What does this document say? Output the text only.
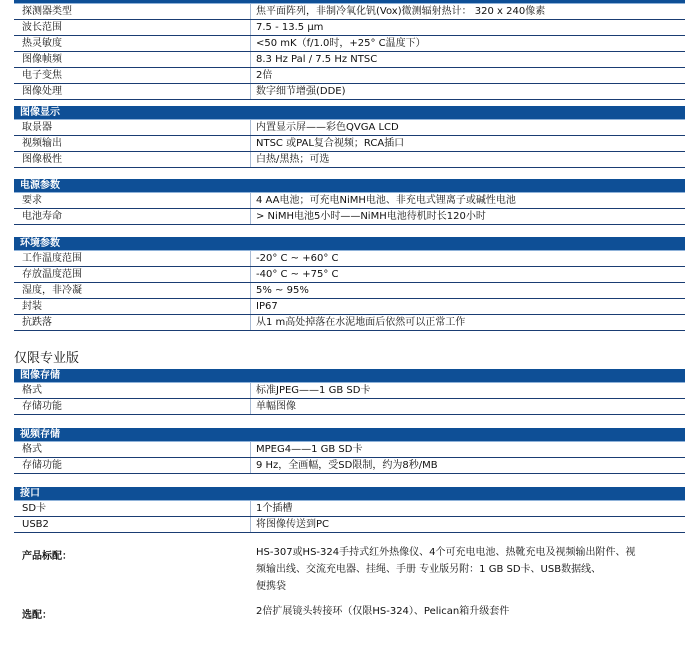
探测器类型	焦平面阵列，非制冷氧化钒(Vox)微测辐射热计： 320 x 240像素
波长范围	7.5 - 13.5 μm
热灵敏度	<50 mK（f/1.0时，+25° C温度下）
图像帧频	8.3 Hz Pal / 7.5 Hz NTSC
电子变焦	2倍
图像处理	数字细节增强(DDE)
图像显示
取景器	内置显示屏——彩色QVGA LCD
视频输出	NTSC 或PAL复合视频；RCA插口
图像极性	白热/黑热；可选
电源参数
要求	4 AA电池；可充电NiMH电池、非充电式锂离子或碱性电池
电池寿命	> NiMH电池5小时——NiMH电池待机时长120小时
环境参数
工作温度范围	-20° C ~ +60° C
存放温度范围	-40° C ~ +75° C
湿度，非冷凝	5% ~ 95%
封装	IP67
抗跌落	从1 m高处掉落在水泥地面后依然可以正常工作
仅限专业版
图像存储
格式	标准JPEG——1 GB SD卡
存储功能	单幅图像
视频存储
格式	MPEG4——1 GB SD卡
存储功能	9 Hz，全画幅，受SD限制，约为8秒/MB
接口
SD卡	1个插槽
USB2	将图像传送到PC
产品标配：	HS-307或HS-324手持式红外热像仪、4个可充电电池、热靴充电及视频输出附件、视
频输出线、交流充电器、挂绳、手册 专业版另附：1 GB SD卡、USB数据线、
便携袋
选配：	2倍扩展镜头转接环（仅限HS-324）、Pelican箱升级套件
